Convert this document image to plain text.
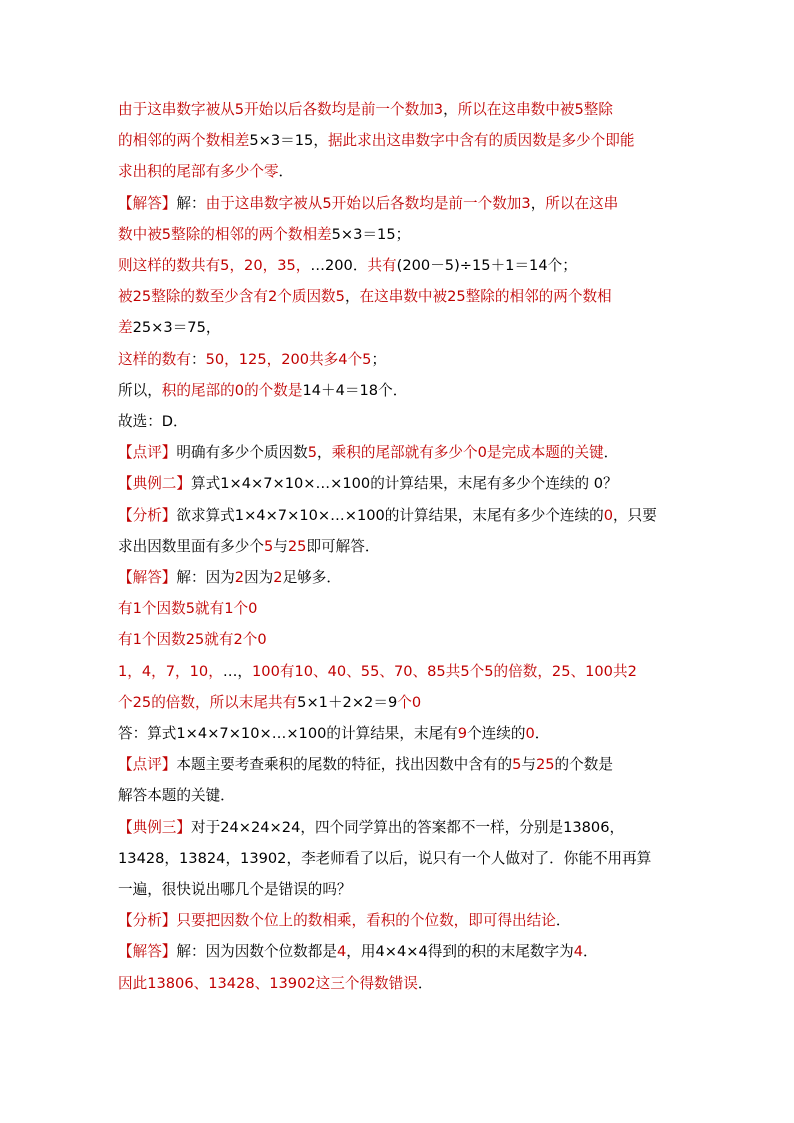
由于这串数字被从5开始以后各数均是前一个数加3，所以在这串数中被5整除

的相邻的两个数相差5×3＝15，据此求出这串数字中含有的质因数是多少个即能

求出积的尾部有多少个零．

【解答】解：由于这串数字被从5开始以后各数均是前一个数加3，所以在这串

数中被5整除的相邻的两个数相差5×3＝15；

则这样的数共有5，20，35，…200．共有(200－5)÷15＋1＝14个；

被25整除的数至少含有2个质因数5，在这串数中被25整除的相邻的两个数相

差25×3＝75，

这样的数有：50，125，200共多4个5；

所以，积的尾部的0的个数是14＋4＝18个．

故选：D．

【点评】明确有多少个质因数5，乘积的尾部就有多少个0是完成本题的关键．

【典例二】算式1×4×7×10×…×100的计算结果，末尾有多少个连续的 0？

【分析】欲求算式1×4×7×10×…×100的计算结果，末尾有多少个连续的0，只要

求出因数里面有多少个5与25即可解答．

【解答】解：因为2因为2足够多．

有1个因数5就有1个0

有1个因数25就有2个0

1，4，7，10，…，100有10、40、55、70、85共5个5的倍数，25、100共2

个25的倍数，所以末尾共有5×1＋2×2＝9个0

答：算式1×4×7×10×…×100的计算结果，末尾有9个连续的0．

【点评】本题主要考查乘积的尾数的特征，找出因数中含有的5与25的个数是

解答本题的关键．

【典例三】对于24×24×24，四个同学算出的答案都不一样，分别是13806，

13428，13824，13902，李老师看了以后，说只有一个人做对了．你能不用再算

一遍，很快说出哪几个是错误的吗？

【分析】只要把因数个位上的数相乘，看积的个位数，即可得出结论．

【解答】解：因为因数个位数都是4，用4×4×4得到的积的末尾数字为4．

因此13806、13428、13902这三个得数错误．
